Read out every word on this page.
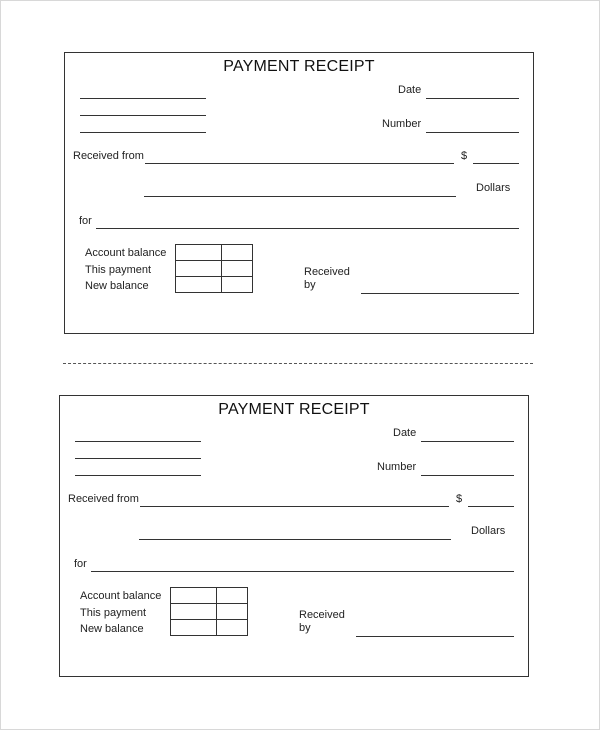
PAYMENT RECEIPT
Date
Number
Received from	$
Dollars
for
Account balance
This payment
New balance

Received
by
PAYMENT RECEIPT
Date
Number
Received from	$
Dollars
for
Account balance
This payment
New balance

Received
by
